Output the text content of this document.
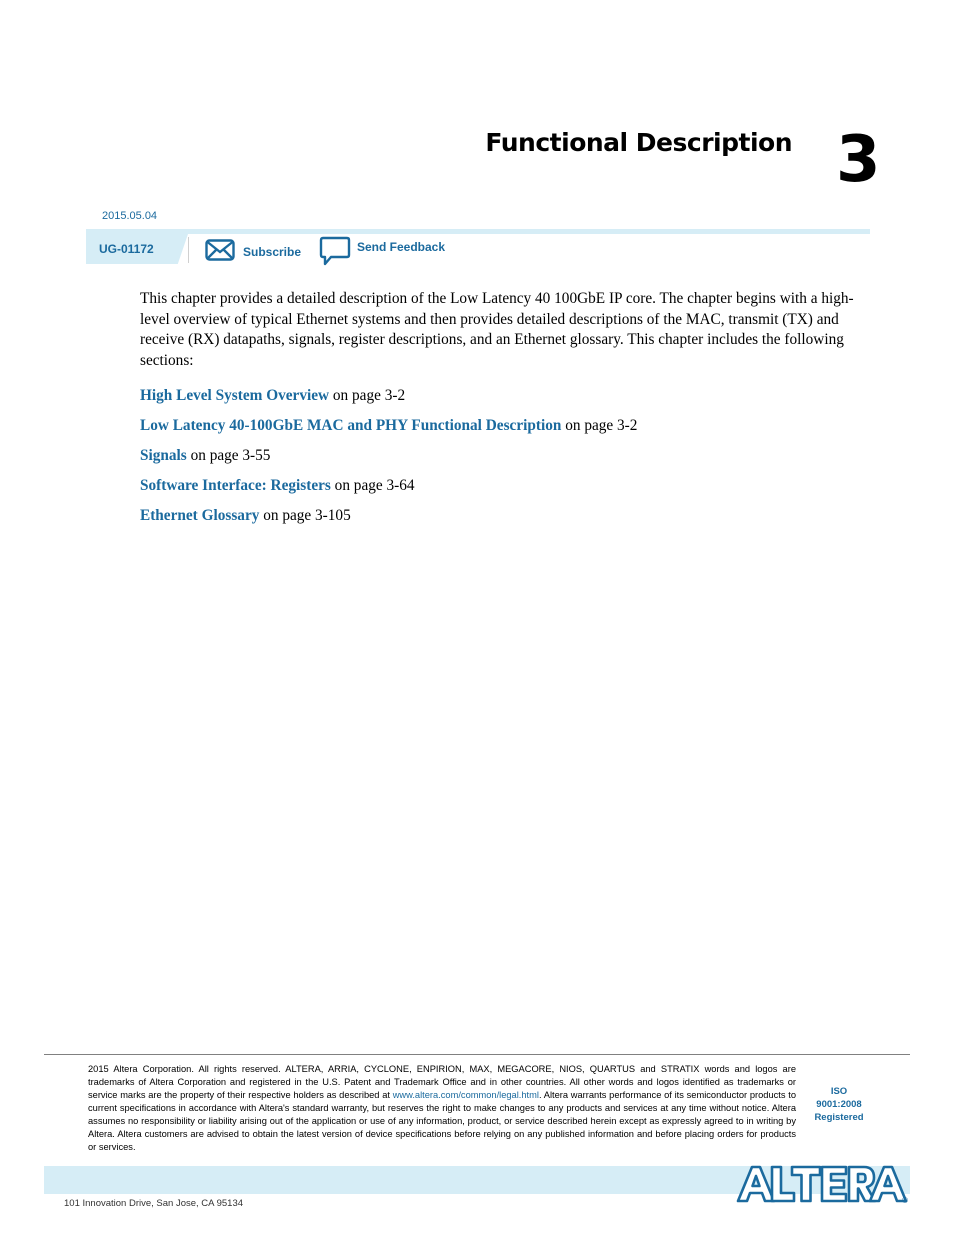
Functional Description 3
2015.05.04
UG-01172	Subscribe	Send Feedback

This chapter provides a detailed description of the Low Latency 40 100GbE IP core. The chapter begins with a high-level overview of typical Ethernet systems and then provides detailed descriptions of the MAC, transmit (TX) and receive (RX) datapaths, signals, register descriptions, and an Ethernet glossary. This chapter includes the following sections:

High Level System Overview on page 3-2
Low Latency 40-100GbE MAC and PHY Functional Description on page 3-2
Signals on page 3-55
Software Interface: Registers on page 3-64
Ethernet Glossary on page 3-105

2015 Altera Corporation. All rights reserved. ALTERA, ARRIA, CYCLONE, ENPIRION, MAX, MEGACORE, NIOS, QUARTUS and STRATIX words and logos are trademarks of Altera Corporation and registered in the U.S. Patent and Trademark Office and in other countries. All other words and logos identified as trademarks or service marks are the property of their respective holders as described at www.altera.com/common/legal.html. Altera warrants performance of its semiconductor products to current specifications in accordance with Altera's standard warranty, but reserves the right to make changes to any products and services at any time without notice. Altera assumes no responsibility or liability arising out of the application or use of any information, product, or service described herein except as expressly agreed to in writing by Altera. Altera customers are advised to obtain the latest version of device specifications before relying on any published information and before placing orders for products or services.

ISO
9001:2008
Registered
®
101 Innovation Drive, San Jose, CA 95134
